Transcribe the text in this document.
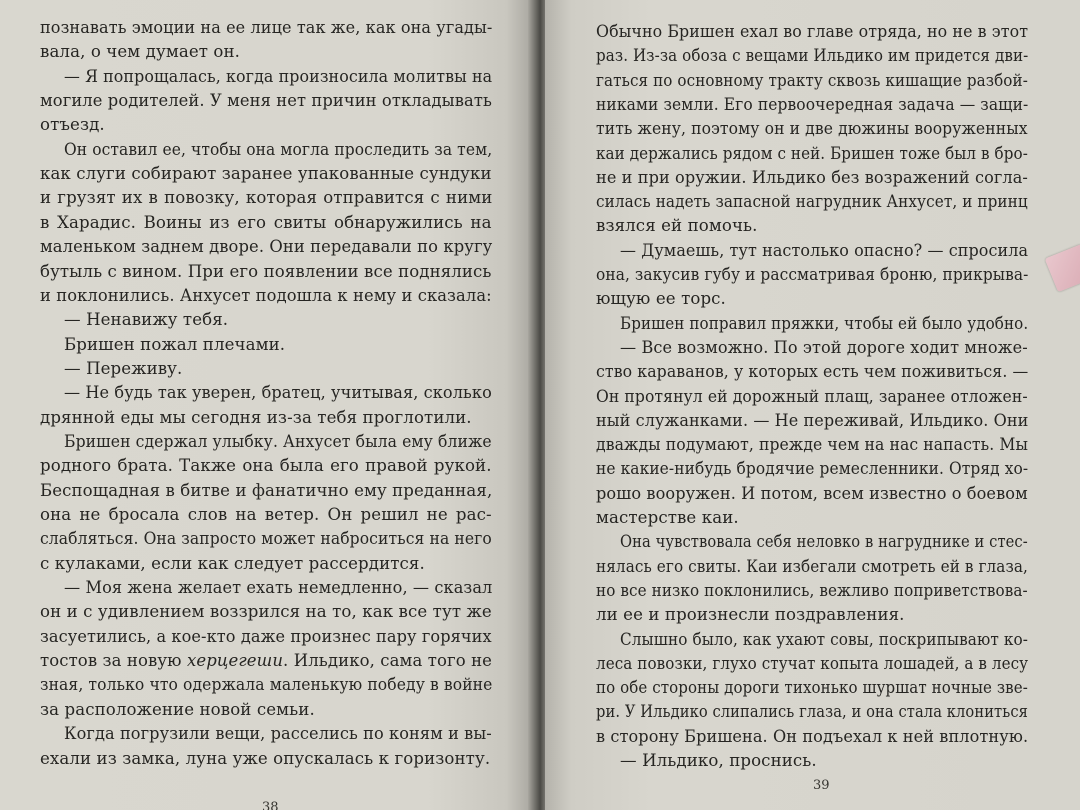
познавать эмоции на ее лице так же, как она угады-
вала, о чем думает он.
— Я попрощалась, когда произносила молитвы на
могиле родителей. У меня нет причин откладывать
отъезд.
Он оставил ее, чтобы она могла проследить за тем,
как слуги собирают заранее упакованные сундуки
и грузят их в повозку, которая отправится с ними
в Харадис. Воины из его свиты обнаружились на
маленьком заднем дворе. Они передавали по кругу
бутыль с вином. При его появлении все поднялись
и поклонились. Анхусет подошла к нему и сказала:
— Ненавижу тебя.
Бришен пожал плечами.
— Переживу.
— Не будь так уверен, братец, учитывая, сколько
дрянной еды мы сегодня из-за тебя проглотили.
Бришен сдержал улыбку. Анхусет была ему ближе
родного брата. Также она была его правой рукой.
Беспощадная в битве и фанатично ему преданная,
она не бросала слов на ветер. Он решил не рас-
слабляться. Она запросто может наброситься на него
с кулаками, если как следует рассердится.
— Моя жена желает ехать немедленно, — сказал
он и с удивлением воззрился на то, как все тут же
засуетились, а кое-кто даже произнес пару горячих
тостов за новую херцегеши. Ильдико, сама того не
зная, только что одержала маленькую победу в войне
за расположение новой семьи.
Когда погрузили вещи, расселись по коням и вы-
ехали из замка, луна уже опускалась к горизонту.
38
Обычно Бришен ехал во главе отряда, но не в этот
раз. Из-за обоза с вещами Ильдико им придется дви-
гаться по основному тракту сквозь кишащие разбой-
никами земли. Его первоочередная задача — защи-
тить жену, поэтому он и две дюжины вооруженных
каи держались рядом с ней. Бришен тоже был в бро-
не и при оружии. Ильдико без возражений согла-
силась надеть запасной нагрудник Анхусет, и принц
взялся ей помочь.
— Думаешь, тут настолько опасно? — спросила
она, закусив губу и рассматривая броню, прикрыва-
ющую ее торс.
Бришен поправил пряжки, чтобы ей было удобно.
— Все возможно. По этой дороге ходит множе-
ство караванов, у которых есть чем поживиться. —
Он протянул ей дорожный плащ, заранее отложен-
ный служанками. — Не переживай, Ильдико. Они
дважды подумают, прежде чем на нас напасть. Мы
не какие-нибудь бродячие ремесленники. Отряд хо-
рошо вооружен. И потом, всем известно о боевом
мастерстве каи.
Она чувствовала себя неловко в нагруднике и стес-
нялась его свиты. Каи избегали смотреть ей в глаза,
но все низко поклонились, вежливо поприветствова-
ли ее и произнесли поздравления.
Слышно было, как ухают совы, поскрипывают ко-
леса повозки, глухо стучат копыта лошадей, а в лесу
по обе стороны дороги тихонько шуршат ночные зве-
ри. У Ильдико слипались глаза, и она стала клониться
в сторону Бришена. Он подъехал к ней вплотную.
— Ильдико, проснись.
39
